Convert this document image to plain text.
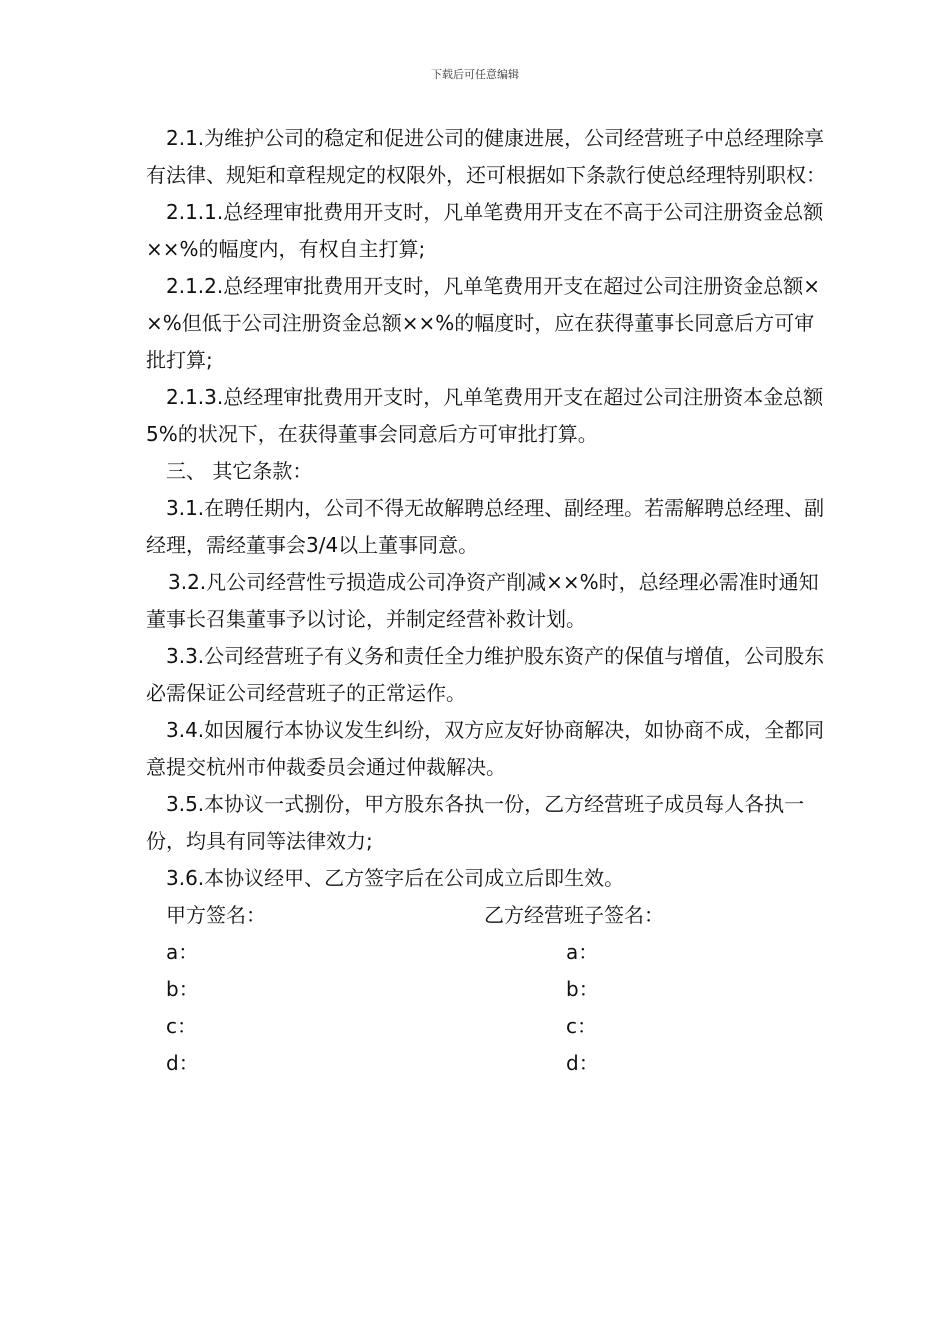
下载后可任意编辑

2.1.为维护公司的稳定和促进公司的健康进展，公司经营班子中总经理除享有法律、规矩和章程规定的权限外，还可根据如下条款行使总经理特别职权：

2.1.1.总经理审批费用开支时，凡单笔费用开支在不高于公司注册资金总额××%的幅度内，有权自主打算;

2.1.2.总经理审批费用开支时，凡单笔费用开支在超过公司注册资金总额××%但低于公司注册资金总额××%的幅度时，应在获得董事长同意后方可审批打算;

2.1.3.总经理审批费用开支时，凡单笔费用开支在超过公司注册资本金总额5%的状况下，在获得董事会同意后方可审批打算。

三、 其它条款：

3.1.在聘任期内，公司不得无故解聘总经理、副经理。若需解聘总经理、副经理，需经董事会3/4以上董事同意。

3.2.凡公司经营性亏损造成公司净资产削减××%时，总经理必需准时通知董事长召集董事予以讨论，并制定经营补救计划。

3.3.公司经营班子有义务和责任全力维护股东资产的保值与增值，公司股东必需保证公司经营班子的正常运作。

3.4.如因履行本协议发生纠纷，双方应友好协商解决，如协商不成，全都同意提交杭州市仲裁委员会通过仲裁解决。

3.5.本协议一式捌份，甲方股东各执一份，乙方经营班子成员每人各执一份，均具有同等法律效力;

3.6.本协议经甲、乙方签字后在公司成立后即生效。

甲方签名：	乙方经营班子签名：
a：	a：
b：	b：
c：	c：
d：	d：
